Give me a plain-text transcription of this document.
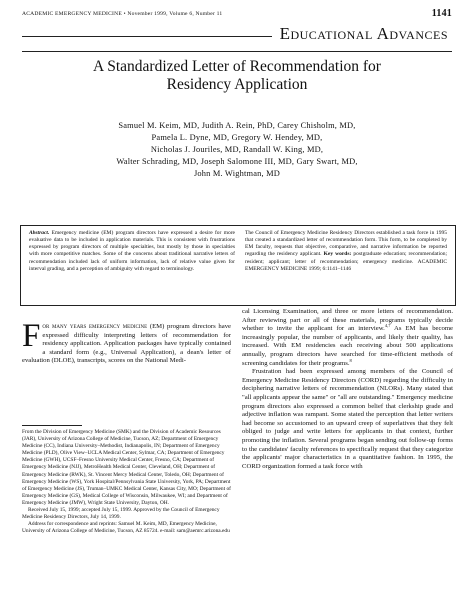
ACADEMIC EMERGENCY MEDICINE • November 1999, Volume 6, Number 11	1141
Educational Advances
A Standardized Letter of Recommendation for
Residency Application
Samuel M. Keim, MD, Judith A. Rein, PhD, Carey Chisholm, MD,
Pamela L. Dyne, MD, Gregory W. Hendey, MD,
Nicholas J. Jouriles, MD, Randall W. King, MD,
Walter Schrading, MD, Joseph Salomone III, MD, Gary Swart, MD,
John M. Wightman, MD
Abstract. Emergency medicine (EM) program directors have expressed a desire for more evaluative data to be included in application materials. This is consistent with frustrations expressed by program directors of multiple specialties, but mostly by those in specialties with more competitive matches. Some of the concerns about traditional narrative letters of recommendation included lack of uniform information, lack of relative value given for interval grading, and a perception of ambiguity with regard to terminology.
The Council of Emergency Medicine Residency Directors established a task force in 1995 that created a standardized letter of recommendation form. This form, to be completed by EM faculty, requests that objective, comparative, and narrative information be reported regarding the residency applicant. Key words: postgraduate education; recommendation; resident; applicant; letter of recommendation; emergency medicine. ACADEMIC EMERGENCY MEDICINE 1999; 6:1141–1146
For many years emergency medicine (EM) program directors have expressed difficulty interpreting letters of recommendation for residency application. Application packages have typically contained a standard form (e.g., Universal Application), a dean's letter of evaluation (DLOE), transcripts, scores on the National Medi-

From the Division of Emergency Medicine (SMK) and the Division of Academic Resources (JAR), University of Arizona College of Medicine, Tucson, AZ; Department of Emergency Medicine (CC), Indiana University–Methodist, Indianapolis, IN; Department of Emergency Medicine (PLD), Olive View–UCLA Medical Center, Sylmar, CA; Department of Emergency Medicine (GWH), UCSF–Fresno University Medical Center, Fresno, CA; Department of Emergency Medicine (NJJ), MetroHealth Medical Center, Cleveland, OH; Department of Emergency Medicine (RWK), St. Vincent Mercy Medical Center, Toledo, OH; Department of Emergency Medicine (WS), York Hospital/Pennsylvania State University, York, PA; Department of Emergency Medicine (JS), Truman–UMKC Medical Center, Kansas City, MO; Department of Emergency Medicine (GS), Medical College of Wisconsin, Milwaukee, WI; and Department of Emergency Medicine (JMW), Wright State University, Dayton, OH.

Received July 15, 1999; accepted July 15, 1999. Approved by the Council of Emergency Medicine Residency Directors, July 14, 1999.

Address for correspondence and reprints: Samuel M. Keim, MD, Emergency Medicine, University of Arizona College of Medicine, Tucson, AZ 85724. e-mail: sam@aemrc.arizona.edu

cal Licensing Examination, and three or more letters of recommendation. After reviewing part or all of these materials, programs typically decide whether to invite the applicant for an interview.$^{4,7}$ As EM has become increasingly popular, the number of applicants, and likely their quality, has increased. With EM residencies each receiving about 500 applications annually, program directors have searched for time-efficient methods of screening candidates for their programs.$^8$

Frustration had been expressed among members of the Council of Emergency Medicine Residency Directors (CORD) regarding the difficulty in deciphering narrative letters of recommendation (NLORs). Many stated that "all applicants appear the same" or "all are outstanding." Emergency medicine program directors also expressed a common belief that clerkship grade and adjective inflation was rampant. Some stated the perception that letter writers had become so accustomed to an upward creep of superlatives that they felt obliged to judge and write letters for applicants in that context, further promoting the inflation. Several programs began sending out follow-up forms to the candidates' faculty references to specifically request that they categorize the applicants' major characteristics in a quantitative fashion. In 1995, the CORD organization formed a task force with
